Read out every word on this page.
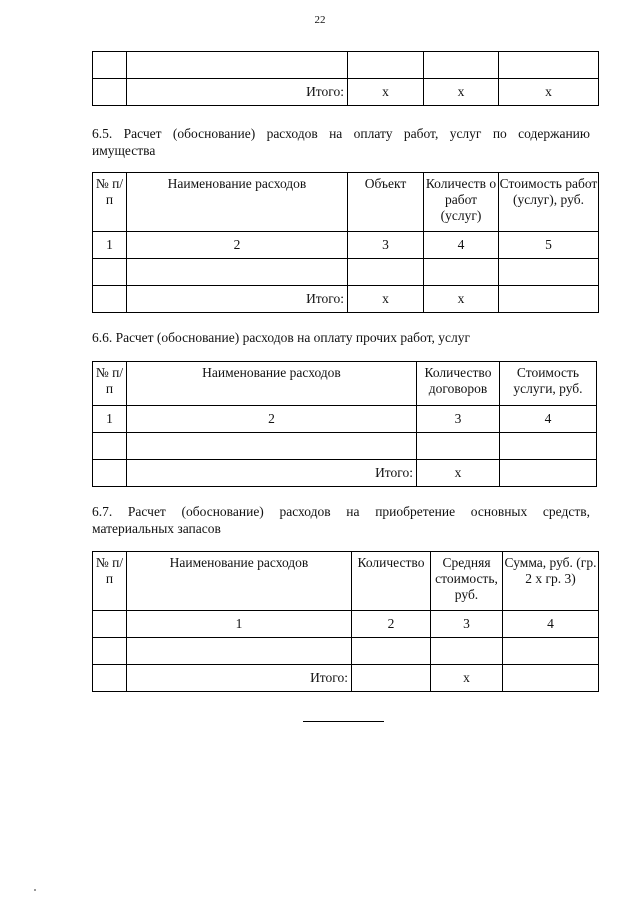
22

	Итого:	x	x	x
6.5. Расчет (обоснование) расходов на оплату работ, услуг по содержанию
имущества
№ п/п	Наименование расходов	Объект	Количеств о работ (услуг)	Стоимость работ (услуг), руб.
1	2	3	4	5

	Итого:	x	x	
6.6. Расчет (обоснование) расходов на оплату прочих работ, услуг
№ п/п	Наименование расходов	Количество договоров	Стоимость услуги, руб.
1	2	3	4

	Итого:	x	
6.7. Расчет (обоснование) расходов на приобретение основных средств,
материальных запасов
№ п/п	Наименование расходов	Количество	Средняя стоимость, руб.	Сумма, руб. (гр. 2 x гр. 3)
	1	2	3	4

	Итого:		x	
